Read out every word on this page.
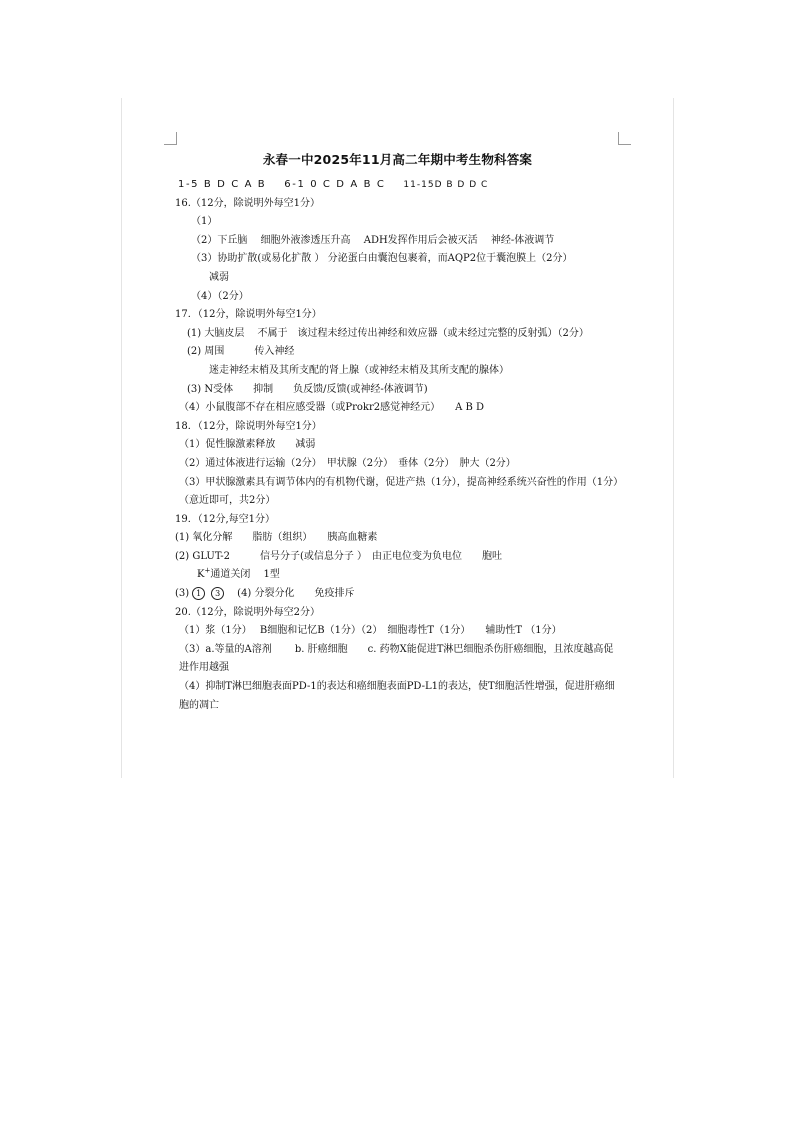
永春一中2025年11月高二年期中考生物科答案
1-5 B D C A B 6-1 0 C D A B C 11-15D B D D C
16.（12分，除说明外每空1分）
（1）
（2）下丘脑　 细胞外液渗透压升高　 ADH发挥作用后会被灭活　 神经-体液调节
（3）协助扩散(或易化扩散 ） 分泌蛋白由囊泡包裹着，而AQP2位于囊泡膜上（2分）
减弱
（4）（2分）
17．（12分，除说明外每空1分）
(1) 大脑皮层　 不属于　该过程未经过传出神经和效应器（或未经过完整的反射弧）（2分）
(2) 周围　　　传入神经
迷走神经末梢及其所支配的肾上腺（或神经末梢及其所支配的腺体）
(3) N受体　　抑制　　负反馈/反馈(或神经-体液调节)
（4）小鼠腹部不存在相应感受器（或Prokr2感觉神经元）　　A B D
18．（12分，除说明外每空1分）
（1）促性腺激素释放　　减弱
（2）通过体液进行运输（2分）　甲状腺（2分）　垂体（2分）　肿大（2分）
（3）甲状腺激素具有调节体内的有机物代谢，促进产热（1分），提高神经系统兴奋性的作用（1分）（意近即可，共2分）
19．（12分,每空1分）
(1) 氧化分解　　脂肪（组织）　　胰高血糖素
(2) GLUT-2　　　信号分子(或信息分子 ）　由正电位变为负电位　　胞吐
K+通道关闭　 1型
(3) 1 3　(4) 分裂分化　　免疫排斥
20.（12分，除说明外每空2分）
（1）浆（1分）　 B细胞和记忆B（1分）（2）　细胞毒性T（1分）　　辅助性T （1分）
（3）a.等量的A溶剂　　 b. 肝癌细胞　　c. 药物X能促进T淋巴细胞杀伤肝癌细胞，且浓度越高促进作用越强
（4）抑制T淋巴细胞表面PD-1的表达和癌细胞表面PD-L1的表达，使T细胞活性增强，促进肝癌细胞的凋亡
